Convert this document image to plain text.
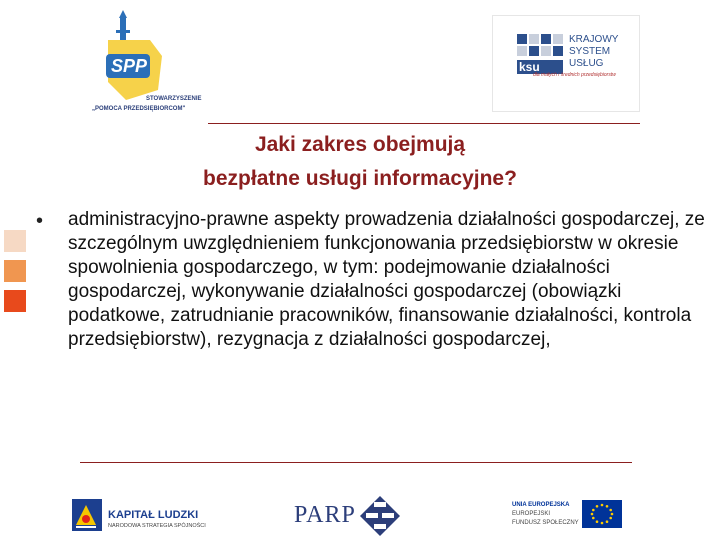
SPP
STOWARZYSZENIE
„POMOCA PRZEDSIĘBIORCOM"
ksu
KRAJOWY
SYSTEM
USŁUG
dla małych i średnich przedsiębiorstw
Jaki zakres obejmują
bezpłatne usługi informacyjne?
• administracyjno-prawne aspekty prowadzenia działalności gospodarczej, ze szczególnym uwzględnieniem funkcjonowania przedsiębiorstw w okresie spowolnienia gospodarczego, w tym: podejmowanie działalności gospodarczej, wykonywanie działalności gospodarczej (obowiązki podatkowe, zatrudnianie pracowników, finansowanie działalności, kontrola przedsiębiorstw), rezygnacja z działalności gospodarczej,
KAPITAŁ LUDZKI
NARODOWA STRATEGIA SPÓJNOŚCI	PARP	UNIA EUROPEJSKA
EUROPEJSKI
FUNDUSZ SPOŁECZNY
